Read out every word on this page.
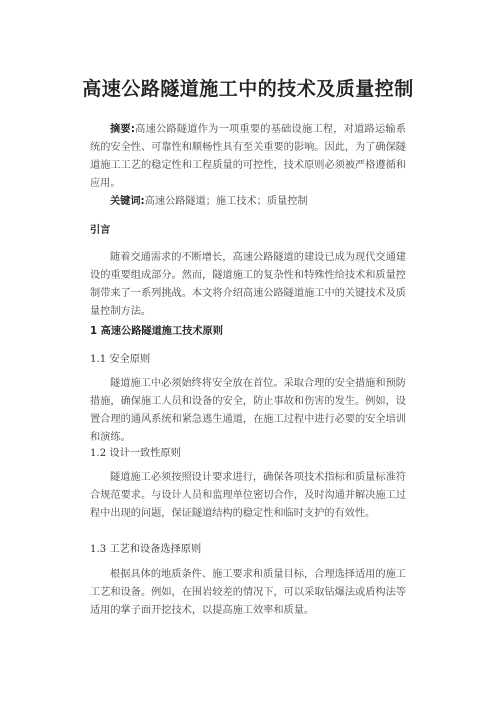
高速公路隧道施工中的技术及质量控制
摘要:高速公路隧道作为一项重要的基础设施工程，对道路运输系统的安全性、可靠性和顺畅性具有至关重要的影响。因此，为了确保隧道施工工艺的稳定性和工程质量的可控性，技术原则必须被严格遵循和应用。
关键词:高速公路隧道；施工技术；质量控制
引言
随着交通需求的不断增长，高速公路隧道的建设已成为现代交通建设的重要组成部分。然而，隧道施工的复杂性和特殊性给技术和质量控制带来了一系列挑战。本文将介绍高速公路隧道施工中的关键技术及质量控制方法。
1 高速公路隧道施工技术原则
1.1 安全原则
隧道施工中必须始终将安全放在首位。采取合理的安全措施和预防措施，确保施工人员和设备的安全，防止事故和伤害的发生。例如，设置合理的通风系统和紧急逃生通道，在施工过程中进行必要的安全培训和演练。
1.2 设计一致性原则
隧道施工必须按照设计要求进行，确保各项技术指标和质量标准符合规范要求。与设计人员和监理单位密切合作，及时沟通并解决施工过程中出现的问题，保证隧道结构的稳定性和临时支护的有效性。
1.3 工艺和设备选择原则
根据具体的地质条件、施工要求和质量目标，合理选择适用的施工工艺和设备。例如，在围岩较差的情况下，可以采取钻爆法或盾构法等适用的掌子面开挖技术，以提高施工效率和质量。
